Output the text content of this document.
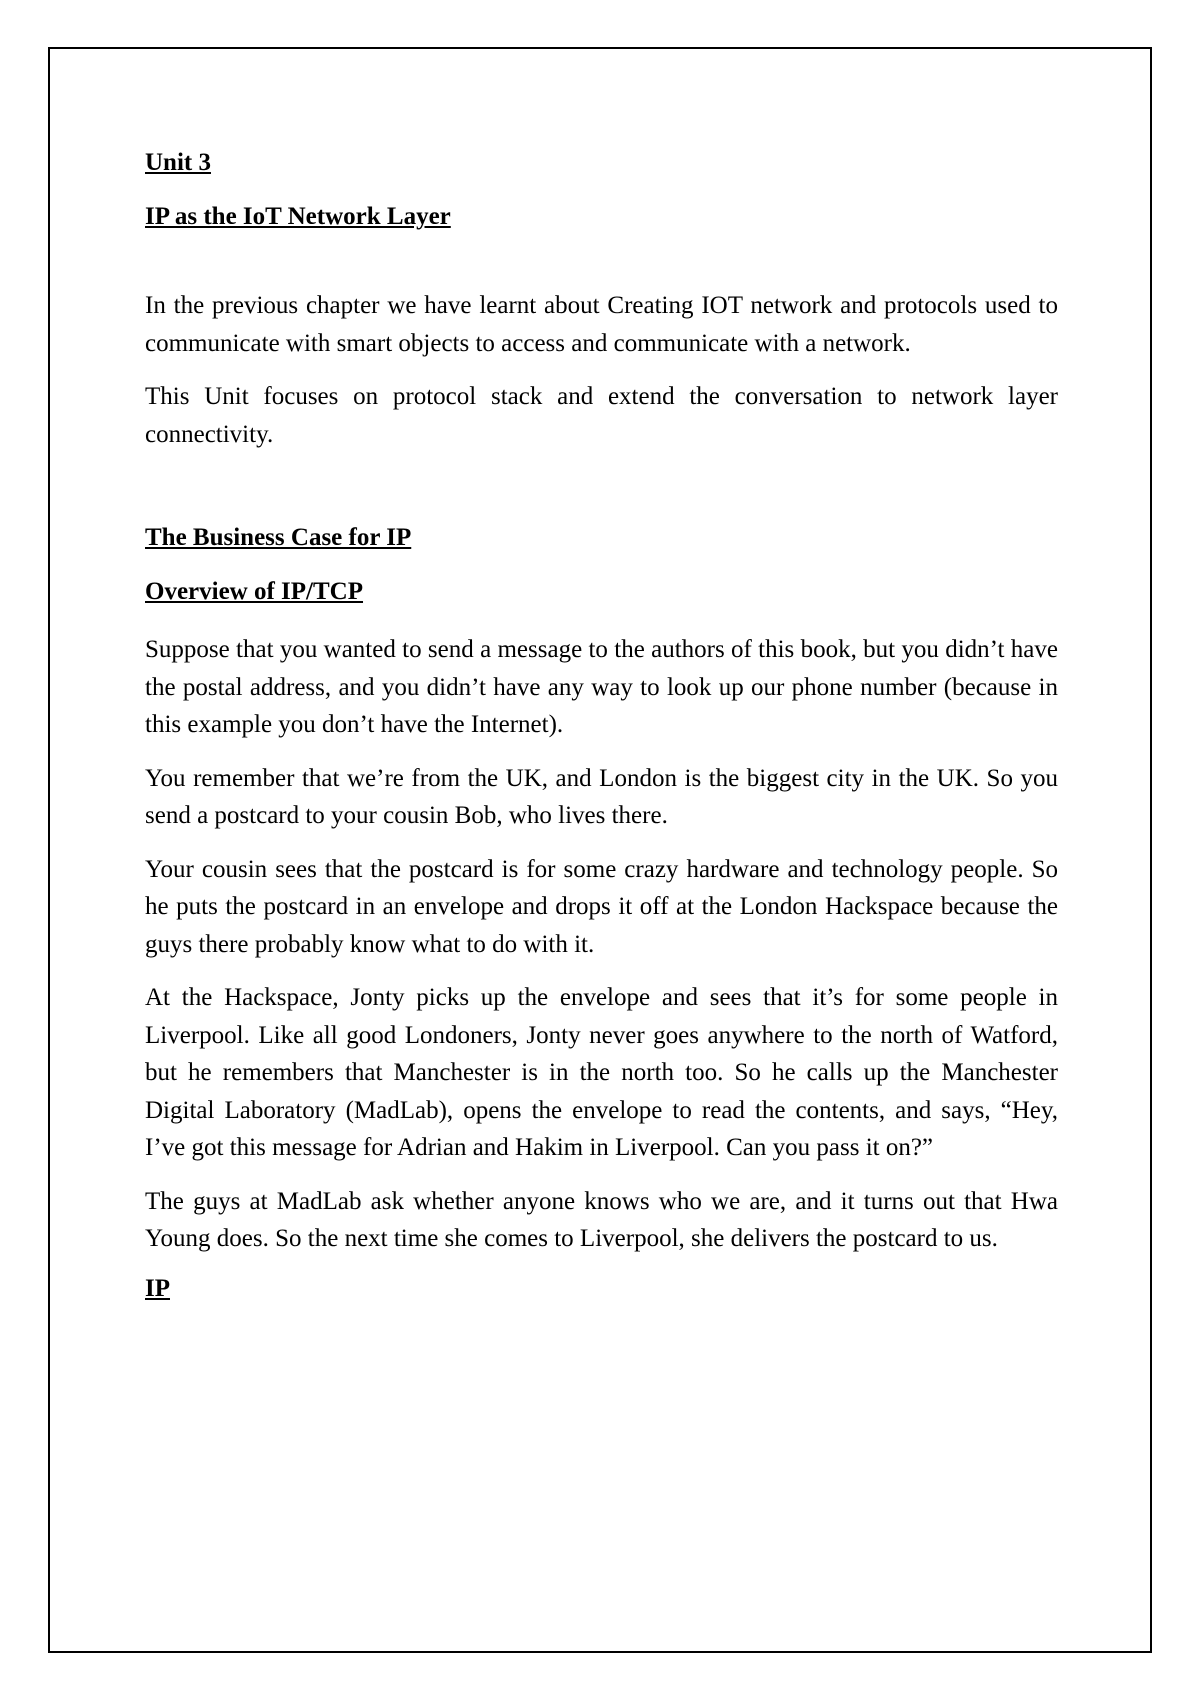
Unit 3
IP as the IoT Network Layer
In the previous chapter we have learnt about Creating IOT network and protocols used to communicate with smart objects to access and communicate with a network.
This Unit focuses on protocol stack and extend the conversation to network layer connectivity.
The Business Case for IP
Overview of IP/TCP
Suppose that you wanted to send a message to the authors of this book, but you didn’t have the postal address, and you didn’t have any way to look up our phone number (because in this example you don’t have the Internet).
You remember that we’re from the UK, and London is the biggest city in the UK. So you send a postcard to your cousin Bob, who lives there.
Your cousin sees that the postcard is for some crazy hardware and technology people. So he puts the postcard in an envelope and drops it off at the London Hackspace because the guys there probably know what to do with it.
At the Hackspace, Jonty picks up the envelope and sees that it’s for some people in Liverpool. Like all good Londoners, Jonty never goes anywhere to the north of Watford, but he remembers that Manchester is in the north too. So he calls up the Manchester Digital Laboratory (MadLab), opens the envelope to read the contents, and says, “Hey, I’ve got this message for Adrian and Hakim in Liverpool. Can you pass it on?”
The guys at MadLab ask whether anyone knows who we are, and it turns out that Hwa Young does. So the next time she comes to Liverpool, she delivers the postcard to us.
IP
